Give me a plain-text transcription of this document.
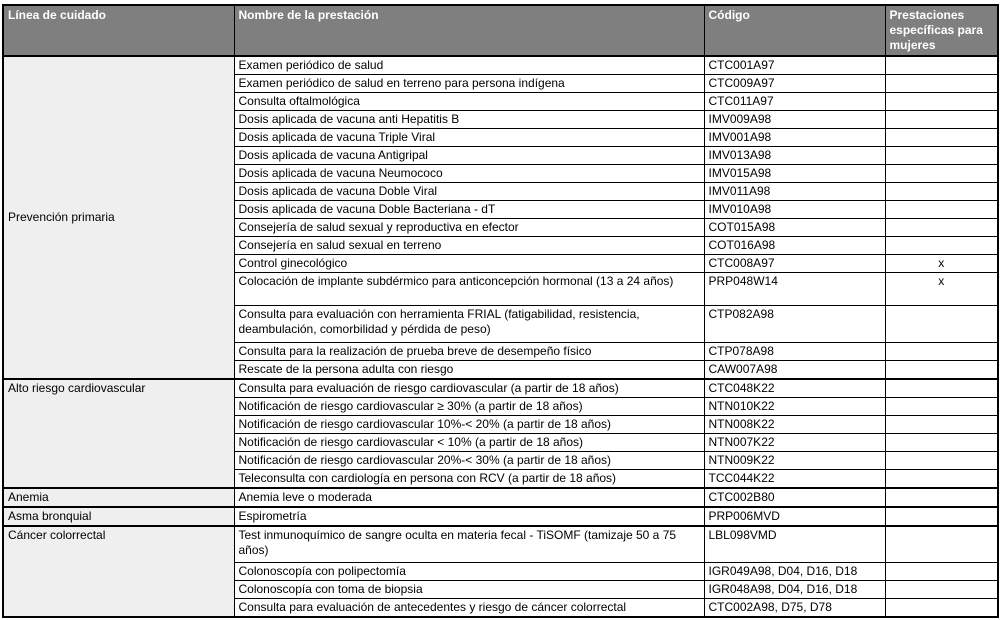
Línea de cuidado	Nombre de la prestación	Código	Prestaciones específicas para mujeres
Prevención primaria	Examen periódico de salud	CTC001A97	
	Examen periódico de salud en terreno para persona indígena	CTC009A97	
	Consulta oftalmológica	CTC011A97	
	Dosis aplicada de vacuna anti Hepatitis B	IMV009A98	
	Dosis aplicada de vacuna Triple Viral	IMV001A98	
	Dosis aplicada de vacuna Antigripal	IMV013A98	
	Dosis aplicada de vacuna Neumococo	IMV015A98	
	Dosis aplicada de vacuna Doble Viral	IMV011A98	
	Dosis aplicada de vacuna Doble Bacteriana - dT	IMV010A98	
	Consejería de salud sexual y reproductiva en efector	COT015A98	
	Consejería en salud sexual en terreno	COT016A98	
	Control ginecológico	CTC008A97	x
	Colocación de implante subdérmico para anticoncepción hormonal (13 a 24 años)	PRP048W14	x
	Consulta para evaluación con herramienta FRIAL (fatigabilidad, resistencia, deambulación, comorbilidad y pérdida de peso)	CTP082A98	
	Consulta para la realización de prueba breve de desempeño físico	CTP078A98	
	Rescate de la persona adulta con riesgo	CAW007A98	
Alto riesgo cardiovascular	Consulta para evaluación de riesgo cardiovascular (a partir de 18 años)	CTC048K22	
	Notificación de riesgo cardiovascular ≥ 30% (a partir de 18 años)	NTN010K22	
	Notificación de riesgo cardiovascular 10%-< 20% (a partir de 18 años)	NTN008K22	
	Notificación de riesgo cardiovascular < 10% (a partir de 18 años)	NTN007K22	
	Notificación de riesgo cardiovascular 20%-< 30% (a partir de 18 años)	NTN009K22	
	Teleconsulta con cardiología en persona con RCV (a partir de 18 años)	TCC044K22	
Anemia	Anemia leve o moderada	CTC002B80	
Asma bronquial	Espirometría	PRP006MVD	
Cáncer colorrectal	Test inmunoquímico de sangre oculta en materia fecal - TiSOMF (tamizaje 50 a 75 años)	LBL098VMD	
	Colonoscopía con polipectomía	IGR049A98, D04, D16, D18	
	Colonoscopía con toma de biopsia	IGR048A98, D04, D16, D18	
	Consulta para evaluación de antecedentes y riesgo de cáncer colorrectal	CTC002A98, D75, D78	
